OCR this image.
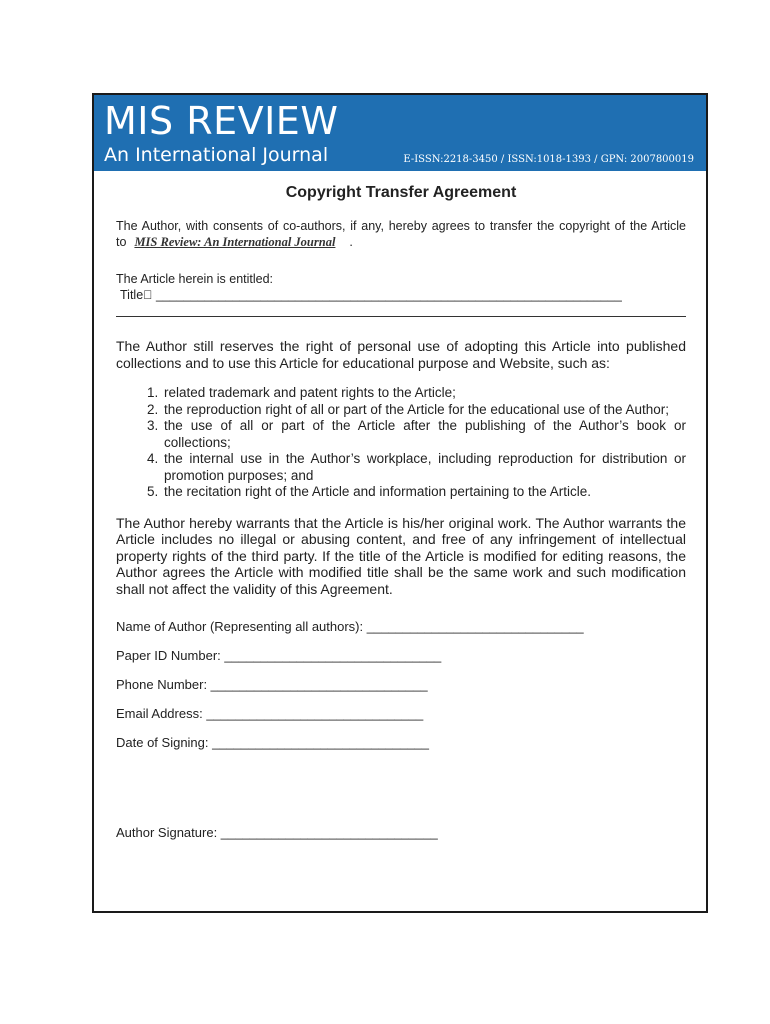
MIS REVIEW
An International Journal	E-ISSN:2218-3450 / ISSN:1018-1393 / GPN: 2007800019
Copyright Transfer Agreement

The Author, with consents of co-authors, if any, hereby agrees to transfer the copyright of the Article to MIS Review: An International Journal .

The Article herein is entitled:
Title  ___________________________________________________________________

The Author still reserves the right of personal use of adopting this Article into published collections and to use this Article for educational purpose and Website, such as:

1. related trademark and patent rights to the Article;
2. the reproduction right of all or part of the Article for the educational use of the Author;
3. the use of all or part of the Article after the publishing of the Author’s book or collections;
4. the internal use in the Author’s workplace, including reproduction for distribution or promotion purposes; and
5. the recitation right of the Article and information pertaining to the Article.

The Author hereby warrants that the Article is his/her original work. The Author warrants the Article includes no illegal or abusing content, and free of any infringement of intellectual property rights of the third party. If the title of the Article is modified for editing reasons, the Author agrees the Article with modified title shall be the same work and such modification shall not affect the validity of this Agreement.

Name of Author (Representing all authors): ______________________________
Paper ID Number: ______________________________
Phone Number: ______________________________
Email Address: ______________________________
Date of Signing: ______________________________
Author Signature: ______________________________
